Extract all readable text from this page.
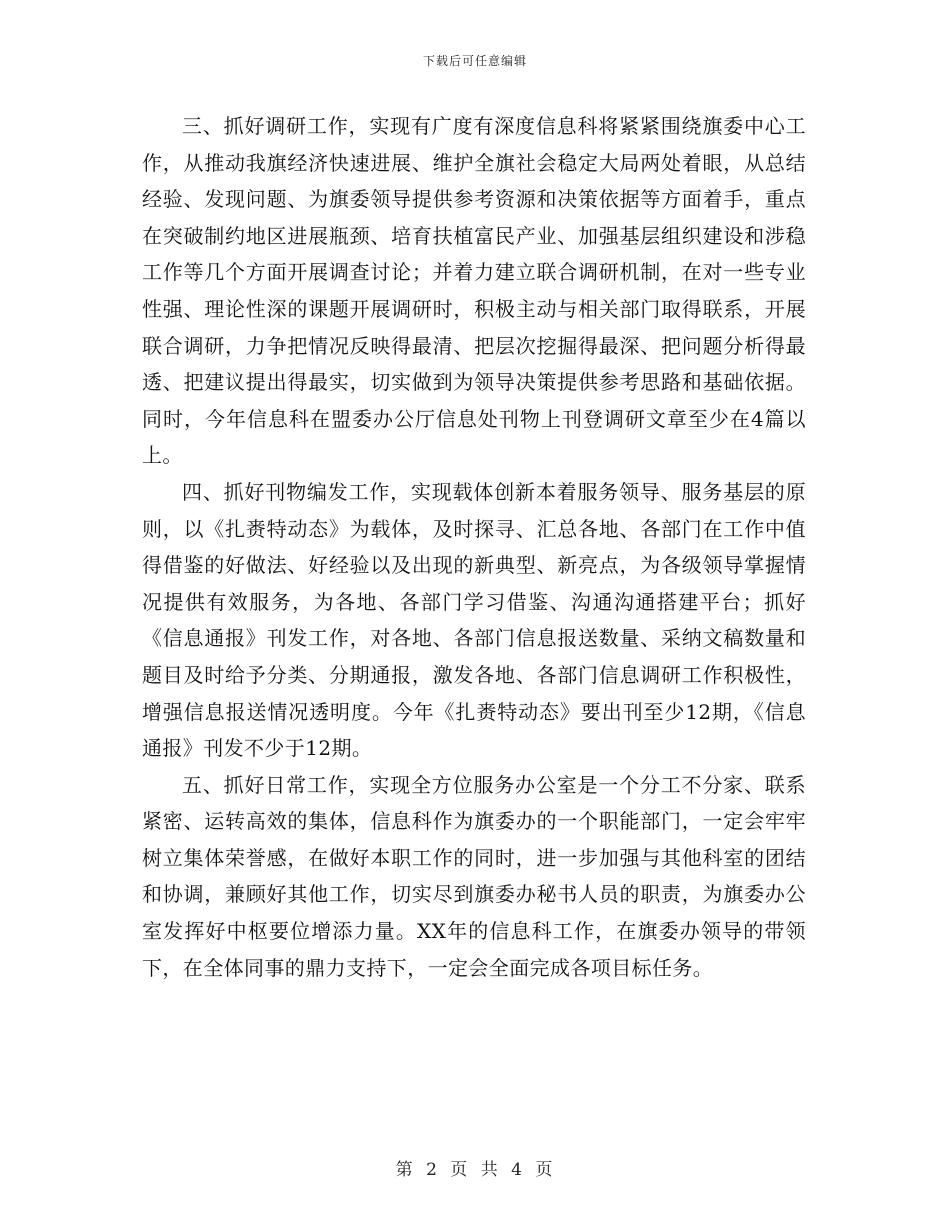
下载后可任意编辑

三、抓好调研工作，实现有广度有深度信息科将紧紧围绕旗委中心工作，从推动我旗经济快速进展、维护全旗社会稳定大局两处着眼，从总结经验、发现问题、为旗委领导提供参考资源和决策依据等方面着手，重点在突破制约地区进展瓶颈、培育扶植富民产业、加强基层组织建设和涉稳工作等几个方面开展调查讨论；并着力建立联合调研机制，在对一些专业性强、理论性深的课题开展调研时，积极主动与相关部门取得联系，开展联合调研，力争把情况反映得最清、把层次挖掘得最深、把问题分析得最透、把建议提出得最实，切实做到为领导决策提供参考思路和基础依据。同时，今年信息科在盟委办公厅信息处刊物上刊登调研文章至少在4篇以上。

四、抓好刊物编发工作，实现载体创新本着服务领导、服务基层的原则，以《扎赉特动态》为载体，及时探寻、汇总各地、各部门在工作中值得借鉴的好做法、好经验以及出现的新典型、新亮点，为各级领导掌握情况提供有效服务，为各地、各部门学习借鉴、沟通沟通搭建平台；抓好《信息通报》刊发工作，对各地、各部门信息报送数量、采纳文稿数量和题目及时给予分类、分期通报，激发各地、各部门信息调研工作积极性，增强信息报送情况透明度。今年《扎赉特动态》要出刊至少12期，《信息通报》刊发不少于12期。

五、抓好日常工作，实现全方位服务办公室是一个分工不分家、联系紧密、运转高效的集体，信息科作为旗委办的一个职能部门，一定会牢牢树立集体荣誉感，在做好本职工作的同时，进一步加强与其他科室的团结和协调，兼顾好其他工作，切实尽到旗委办秘书人员的职责，为旗委办公室发挥好中枢要位增添力量。XX年的信息科工作，在旗委办领导的带领下，在全体同事的鼎力支持下，一定会全面完成各项目标任务。

第 2 页 共 4 页
